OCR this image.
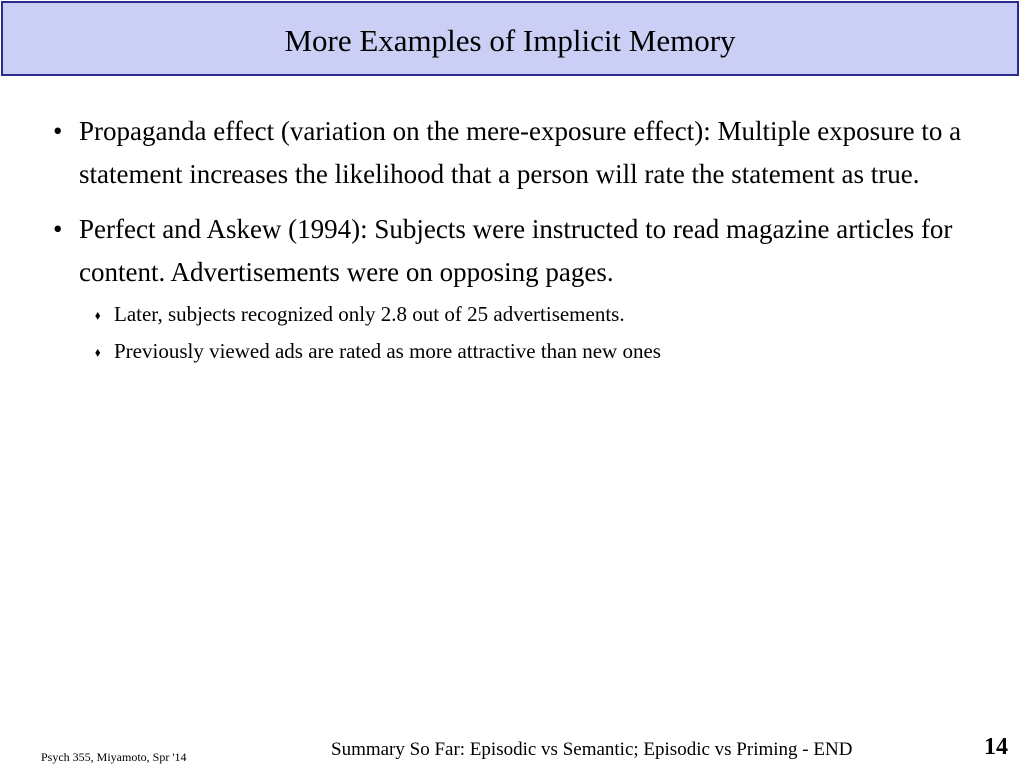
More Examples of Implicit Memory
• Propaganda effect (variation on the mere-exposure effect): Multiple exposure to a statement increases the likelihood that a person will rate the statement as true.
• Perfect and Askew (1994): Subjects were instructed to read magazine articles for content. Advertisements were on opposing pages.
⬧ Later, subjects recognized only 2.8 out of 25 advertisements.
⬧ Previously viewed ads are rated as more attractive than new ones
Psych 355, Miyamoto, Spr '14	Summary So Far: Episodic vs Semantic; Episodic vs Priming - END	14
